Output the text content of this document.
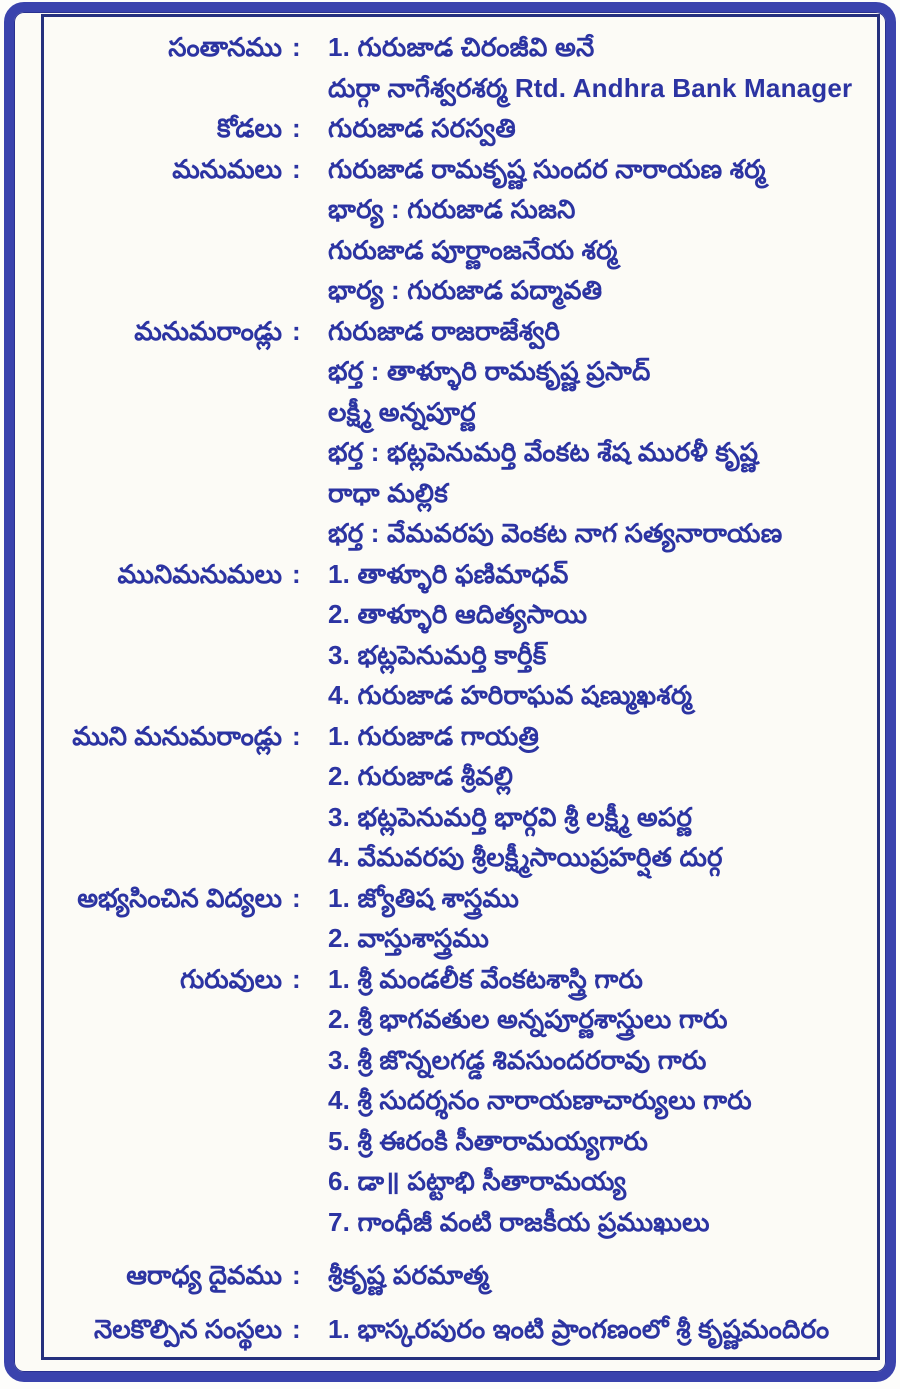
సంతానము :	1. గురుజాడ చిరంజీవి అనే
దుర్గా నాగేశ్వరశర్మ Rtd. Andhra Bank Manager
కోడలు :	గురుజాడ సరస్వతి
మనుమలు :	గురుజాడ రామకృష్ణ సుందర నారాయణ శర్మ
భార్య : గురుజాడ సుజని
గురుజాడ పూర్ణాంజనేయ శర్మ
భార్య : గురుజాడ పద్మావతి
మనుమరాండ్లు :	గురుజాడ రాజరాజేశ్వరి
భర్త : తాళ్ళూరి రామకృష్ణ ప్రసాద్
లక్ష్మీ అన్నపూర్ణ
భర్త : భట్లపెనుమర్తి వేంకట శేష మురళీ కృష్ణ
రాధా మల్లిక
భర్త : వేమవరపు వెంకట నాగ సత్యనారాయణ
మునిమనుమలు :	1. తాళ్ళూరి ఫణిమాధవ్
2. తాళ్ళూరి ఆదిత్యసాయి
3. భట్లపెనుమర్తి కార్తీక్
4. గురుజాడ హరిరాఘవ షణ్ముఖశర్మ
ముని మనుమరాండ్లు :	1. గురుజాడ గాయత్రి
2. గురుజాడ శ్రీవల్లి
3. భట్లపెనుమర్తి భార్గవి శ్రీ లక్ష్మీ అపర్ణ
4. వేమవరపు శ్రీలక్ష్మీసాయిప్రహర్షిత దుర్గ
అభ్యసించిన విద్యలు :	1. జ్యోతిష శాస్త్రము
2. వాస్తుశాస్త్రము
గురువులు :	1. శ్రీ మండలీక వేంకటశాస్త్రి గారు
2. శ్రీ భాగవతుల అన్నపూర్ణశాస్త్రులు గారు
3. శ్రీ జొన్నలగడ్డ శివసుందరరావు గారు
4. శ్రీ సుదర్శనం నారాయణాచార్యులు గారు
5. శ్రీ ఈరంకి సీతారామయ్యగారు
6. డా॥ పట్టాభి సీతారామయ్య
7. గాంధీజీ వంటి రాజకీయ ప్రముఖులు
ఆరాధ్య దైవము :	శ్రీకృష్ణ పరమాత్మ
నెలకొల్పిన సంస్థలు :	1. భాస్కరపురం ఇంటి ప్రాంగణంలో శ్రీ కృష్ణమందిరం
